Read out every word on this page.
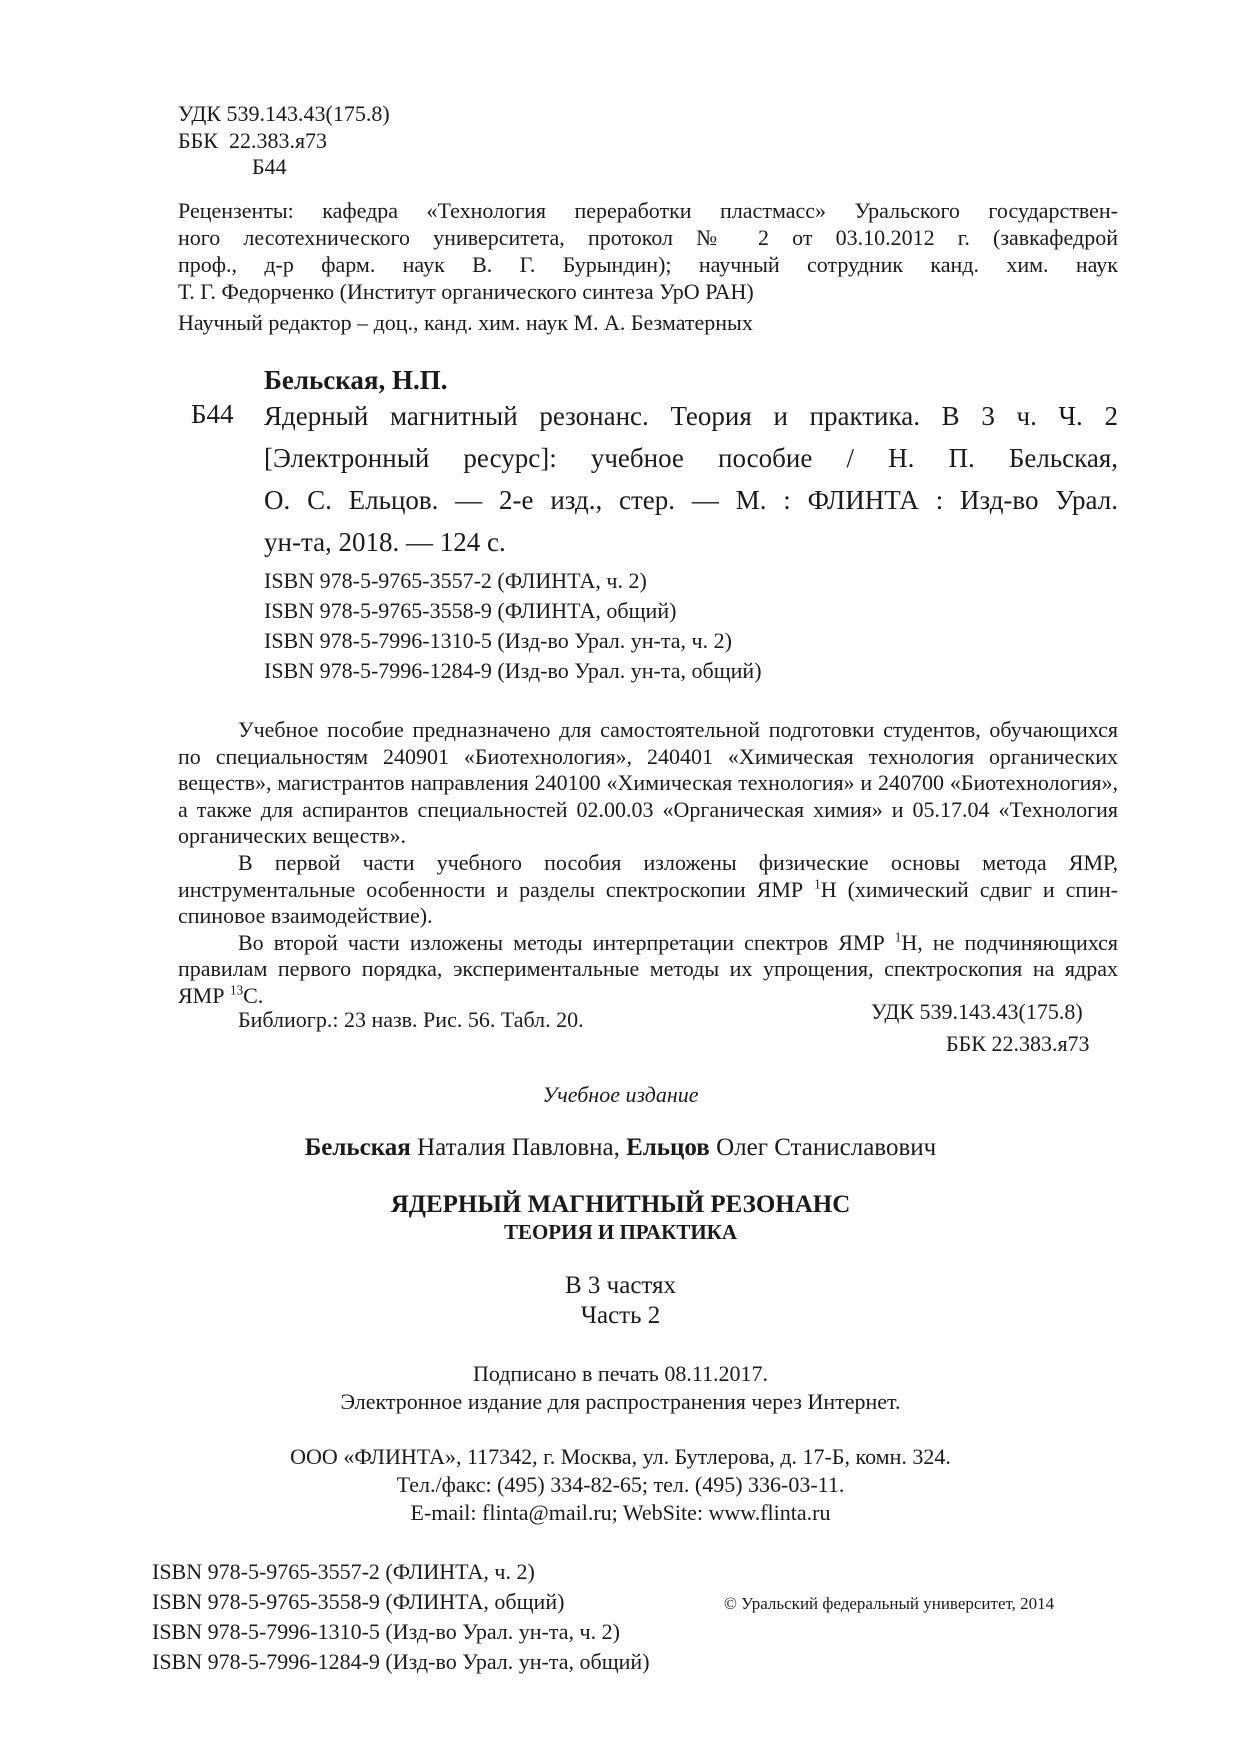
УДК 539.143.43(175.8)
ББК  22.383.я73
Б44
Рецензенты: кафедра «Технология переработки пластмасс» Уральского государствен-
ного лесотехнического университета, протокол № 2 от 03.10.2012 г. (завкафедрой
проф., д-р фарм. наук В. Г. Бурындин); научный сотрудник канд. хим. наук
Т. Г. Федорченко (Институт органического синтеза УрО РАН)
Научный редактор – доц., канд. хим. наук М. А. Безматерных
Бельская, Н.П.
Б44 Ядерный магнитный резонанс. Теория и практика. В 3 ч. Ч. 2
[Электронный ресурс]: учебное пособие / Н. П. Бельская,
О. С. Ельцов. — 2-е изд., стер. — М. : ФЛИНТА : Изд-во Урал.
ун-та, 2018. — 124 с.
ISBN 978-5-9765-3557-2 (ФЛИНТА, ч. 2)
ISBN 978-5-9765-3558-9 (ФЛИНТА, общий)
ISBN 978-5-7996-1310-5 (Изд-во Урал. ун-та, ч. 2)
ISBN 978-5-7996-1284-9 (Изд-во Урал. ун-та, общий)

Учебное пособие предназначено для самостоятельной подготовки студентов, обучающихся по специальностям 240901 «Биотехнология», 240401 «Химическая технология органических веществ», магистрантов направления 240100 «Химическая технология» и 240700 «Биотехнология», а также для аспирантов специальностей 02.00.03 «Органическая химия» и 05.17.04 «Технология органических веществ».

В первой части учебного пособия изложены физические основы метода ЯМР, инструментальные особенности и разделы спектроскопии ЯМР $^1$Н (химический сдвиг и спин-спиновое взаимодействие).

Во второй части изложены методы интерпретации спектров ЯМР $^1$Н, не подчиняющихся правилам первого порядка, экспериментальные методы их упрощения, спектроскопия на ядрах ЯМР $^{13}$С.

Библиогр.: 23 назв. Рис. 56. Табл. 20.	УДК 539.143.43(175.8)
ББК 22.383.я73
Учебное издание
Бельская Наталия Павловна, Ельцов Олег Станиславович
ЯДЕРНЫЙ МАГНИТНЫЙ РЕЗОНАНС
ТЕОРИЯ И ПРАКТИКА
В 3 частях
Часть 2
Подписано в печать 08.11.2017.
Электронное издание для распространения через Интернет.
ООО «ФЛИНТА», 117342, г. Москва, ул. Бутлерова, д. 17-Б, комн. 324.
Тел./факс: (495) 334-82-65; тел. (495) 336-03-11.
E-mail: flinta@mail.ru; WebSite: www.flinta.ru
ISBN 978-5-9765-3557-2 (ФЛИНТА, ч. 2)
ISBN 978-5-9765-3558-9 (ФЛИНТА, общий)
ISBN 978-5-7996-1310-5 (Изд-во Урал. ун-та, ч. 2)
ISBN 978-5-7996-1284-9 (Изд-во Урал. ун-та, общий)
© Уральский федеральный университет, 2014
